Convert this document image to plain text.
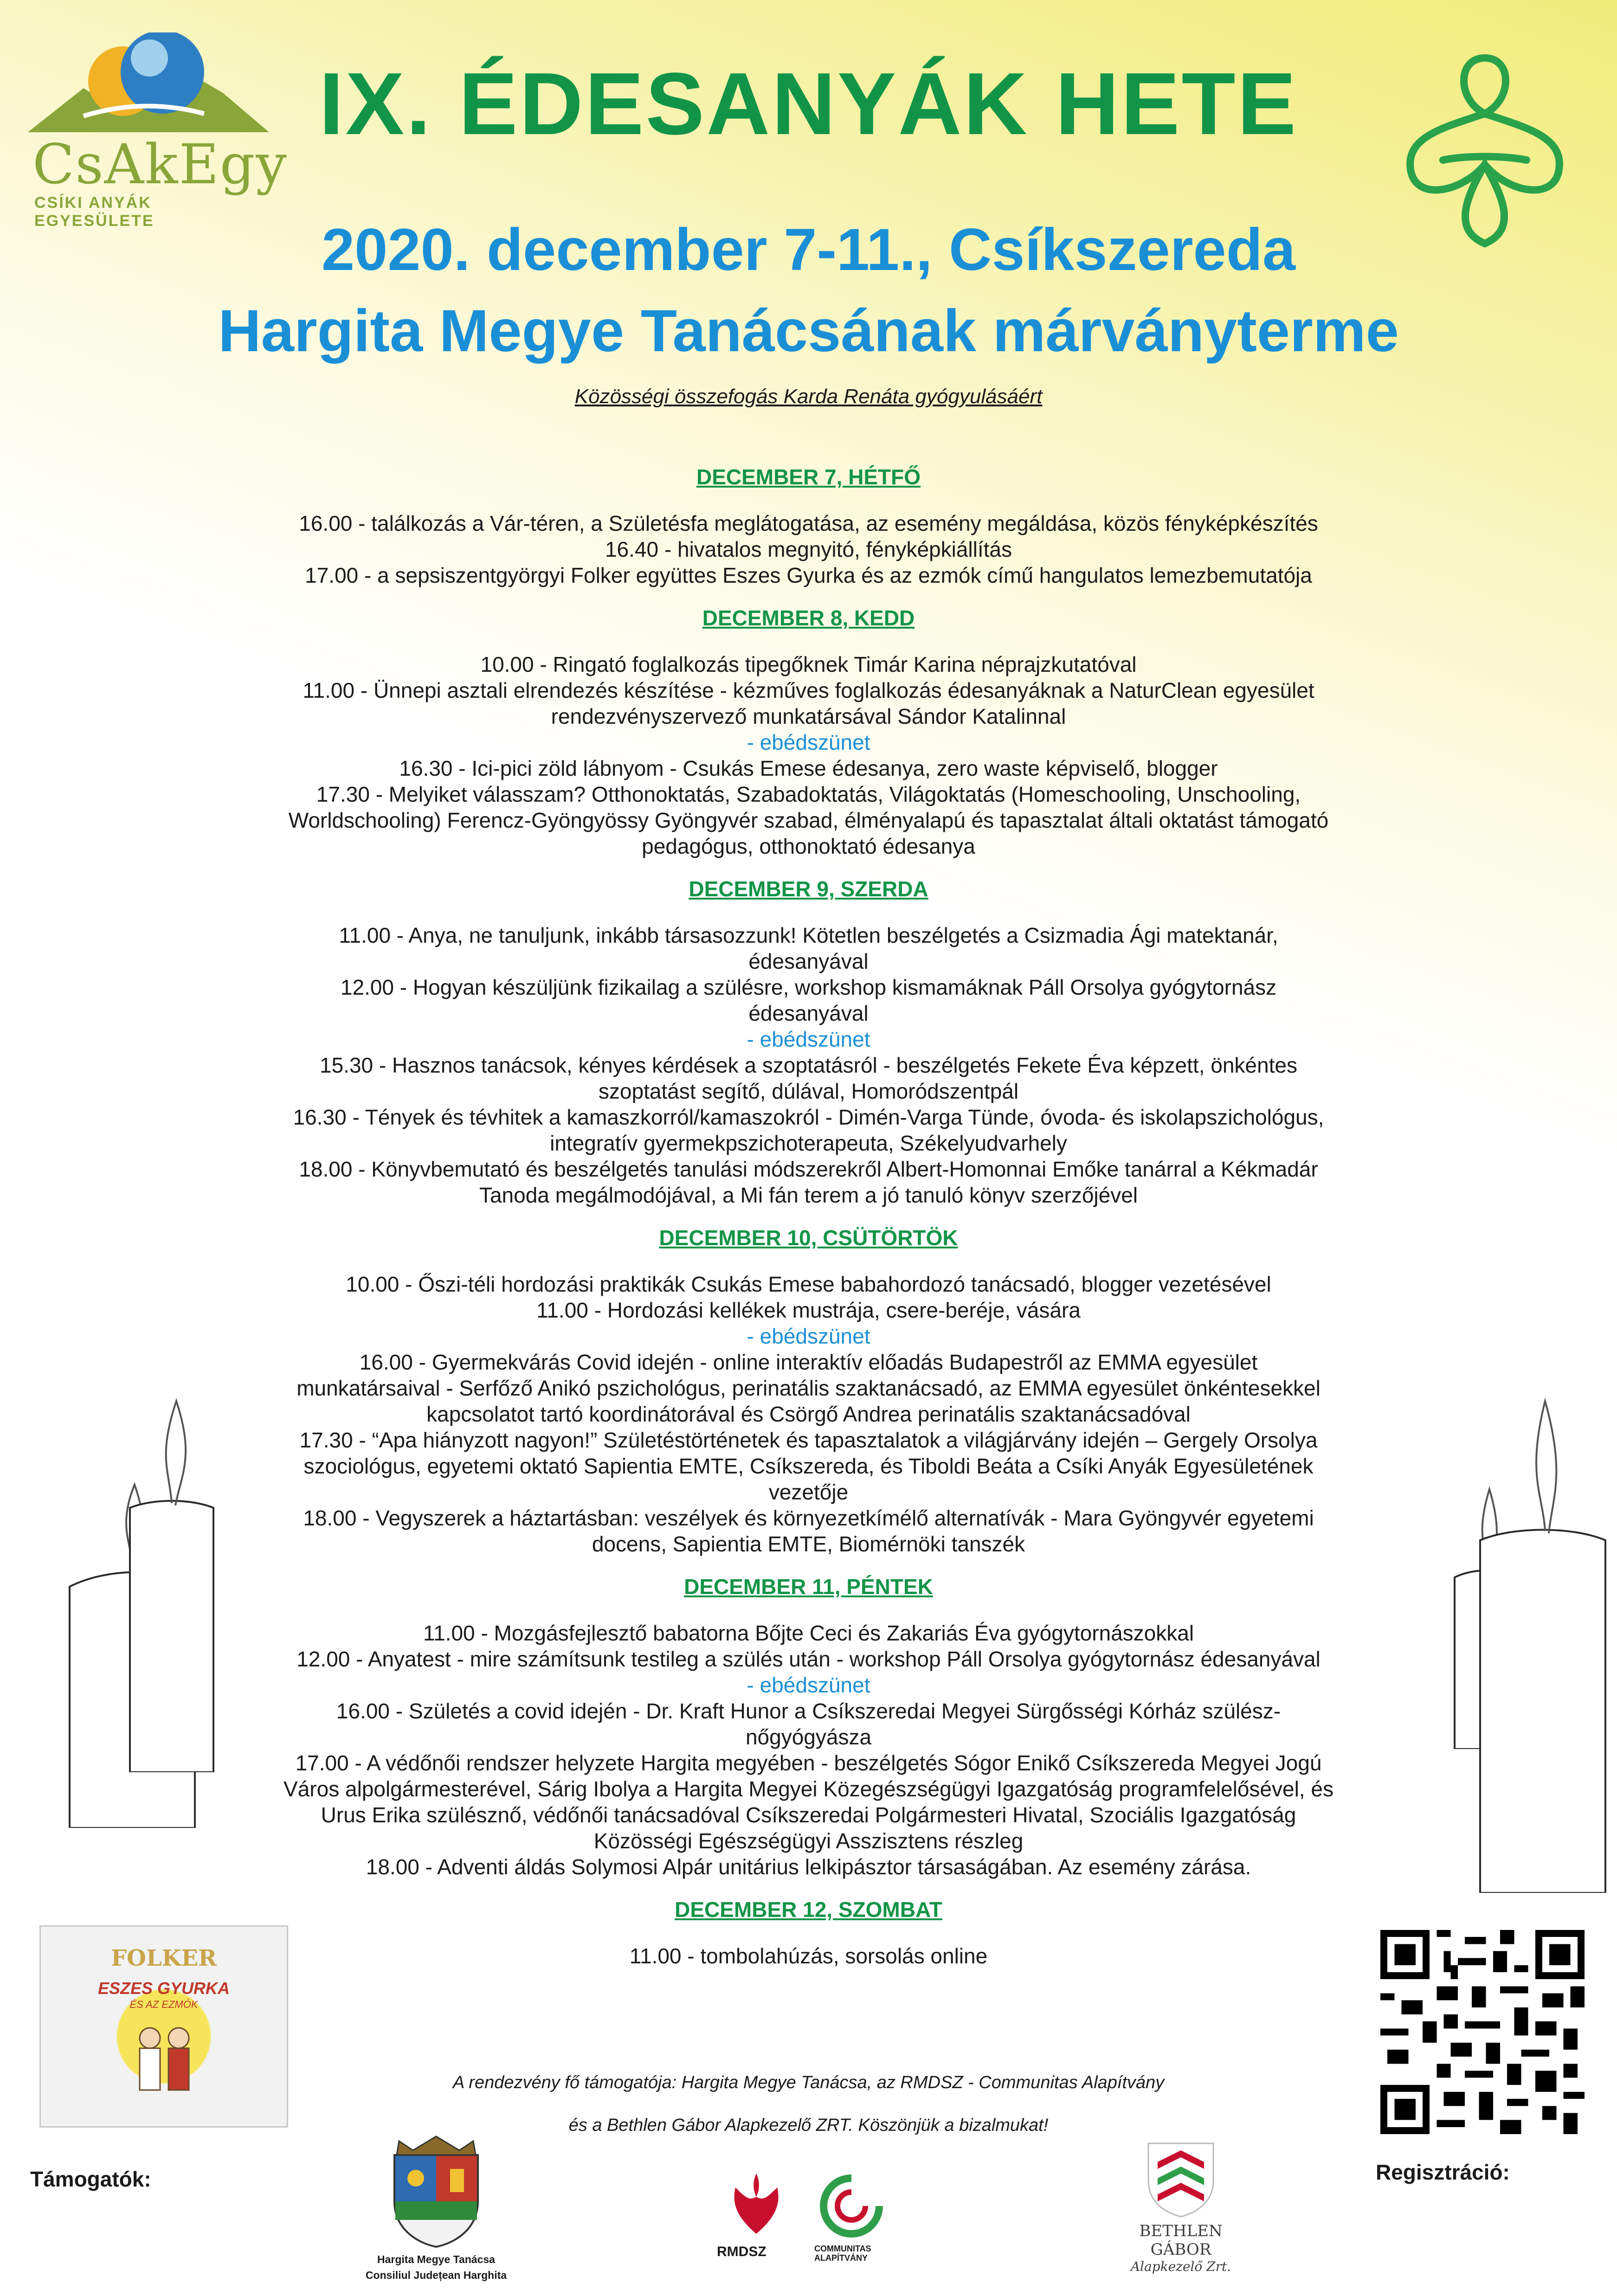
CsAkEgy
CSÍKI ANYÁK EGYESÜLETE
IX. ÉDESANYÁK HETE

2020. december 7-11., Csíkszereda

Hargita Megye Tanácsának márványterme

Közösségi összefogás Karda Renáta gyógyulásáért

DECEMBER 7, HÉTFŐ

16.00 - találkozás a Vár-téren, a Születésfa meglátogatása, az esemény megáldása, közös fényképkészítés

16.40 - hivatalos megnyitó, fényképkiállítás

17.00 - a sepsiszentgyörgyi Folker együttes Eszes Gyurka és az ezmók című hangulatos lemezbemutatója

DECEMBER 8, KEDD

10.00 - Ringató foglalkozás tipegőknek Timár Karina néprajzkutatóval

11.00 - Ünnepi asztali elrendezés készítése - kézműves foglalkozás édesanyáknak a NaturClean egyesület

rendezvényszervező munkatársával Sándor Katalinnal

- ebédszünet

16.30 - Ici-pici zöld lábnyom - Csukás Emese édesanya, zero waste képviselő, blogger

17.30 - Melyiket válasszam? Otthonoktatás, Szabadoktatás, Világoktatás (Homeschooling, Unschooling,

Worldschooling) Ferencz-Gyöngyössy Gyöngyvér szabad, élményalapú és tapasztalat általi oktatást támogató

pedagógus, otthonoktató édesanya

DECEMBER 9, SZERDA

11.00 - Anya, ne tanuljunk, inkább társasozzunk! Kötetlen beszélgetés a Csizmadia Ági matektanár,

édesanyával

12.00 - Hogyan készüljünk fizikailag a szülésre, workshop kismamáknak Páll Orsolya gyógytornász

édesanyával

- ebédszünet

15.30 - Hasznos tanácsok, kényes kérdések a szoptatásról - beszélgetés Fekete Éva képzett, önkéntes

szoptatást segítő, dúlával, Homoródszentpál

16.30 - Tények és tévhitek a kamaszkorról/kamaszokról - Dimén-Varga Tünde, óvoda- és iskolapszichológus,

integratív gyermekpszichoterapeuta, Székelyudvarhely

18.00 - Könyvbemutató és beszélgetés tanulási módszerekről Albert-Homonnai Emőke tanárral a Kékmadár

Tanoda megálmodójával, a Mi fán terem a jó tanuló könyv szerzőjével

DECEMBER 10, CSÜTÖRTÖK

10.00 - Őszi-téli hordozási praktikák Csukás Emese babahordozó tanácsadó, blogger vezetésével

11.00 - Hordozási kellékek mustrája, csere-beréje, vására

- ebédszünet

16.00 - Gyermekvárás Covid idején - online interaktív előadás Budapestről az EMMA egyesület

munkatársaival - Serfőző Anikó pszichológus, perinatális szaktanácsadó, az EMMA egyesület önkéntesekkel

kapcsolatot tartó koordinátorával és Csörgő Andrea perinatális szaktanácsadóval

17.30 - “Apa hiányzott nagyon!” Születéstörténetek és tapasztalatok a világjárvány idején – Gergely Orsolya

szociológus, egyetemi oktató Sapientia EMTE, Csíkszereda, és Tiboldi Beáta a Csíki Anyák Egyesületének

vezetője

18.00 - Vegyszerek a háztartásban: veszélyek és környezetkímélő alternatívák - Mara Gyöngyvér egyetemi

docens, Sapientia EMTE, Biomérnöki tanszék

DECEMBER 11, PÉNTEK

11.00 - Mozgásfejlesztő babatorna Bőjte Ceci és Zakariás Éva gyógytornászokkal

12.00 - Anyatest - mire számítsunk testileg a szülés után - workshop Páll Orsolya gyógytornász édesanyával

- ebédszünet

16.00 - Születés a covid idején - Dr. Kraft Hunor a Csíkszeredai Megyei Sürgősségi Kórház szülész-

nőgyógyásza

17.00 - A védőnői rendszer helyzete Hargita megyében - beszélgetés Sógor Enikő Csíkszereda Megyei Jogú

Város alpolgármesterével, Sárig Ibolya a Hargita Megyei Közegészségügyi Igazgatóság programfelelősével, és

Urus Erika szülésznő, védőnői tanácsadóval Csíkszeredai Polgármesteri Hivatal, Szociális Igazgatóság

Közösségi Egészségügyi Asszisztens részleg

18.00 - Adventi áldás Solymosi Alpár unitárius lelkipásztor társaságában. Az esemény zárása.

DECEMBER 12, SZOMBAT

11.00 - tombolahúzás, sorsolás online

FOLKER
ESZES GYURKA
ÉS AZ EZMÓK
A rendezvény fő támogatója: Hargita Megye Tanácsa, az RMDSZ - Communitas Alapítvány
és a Bethlen Gábor Alapkezelő ZRT. Köszönjük a bizalmukat!
Támogatók:	Regisztráció:
Hargita Megye Tanácsa
Consiliul Județean Harghita
RMDSZ	COMMUNITAS
ALAPÍTVÁNY
BETHLEN GÁBOR
Alapkezelő Zrt.
